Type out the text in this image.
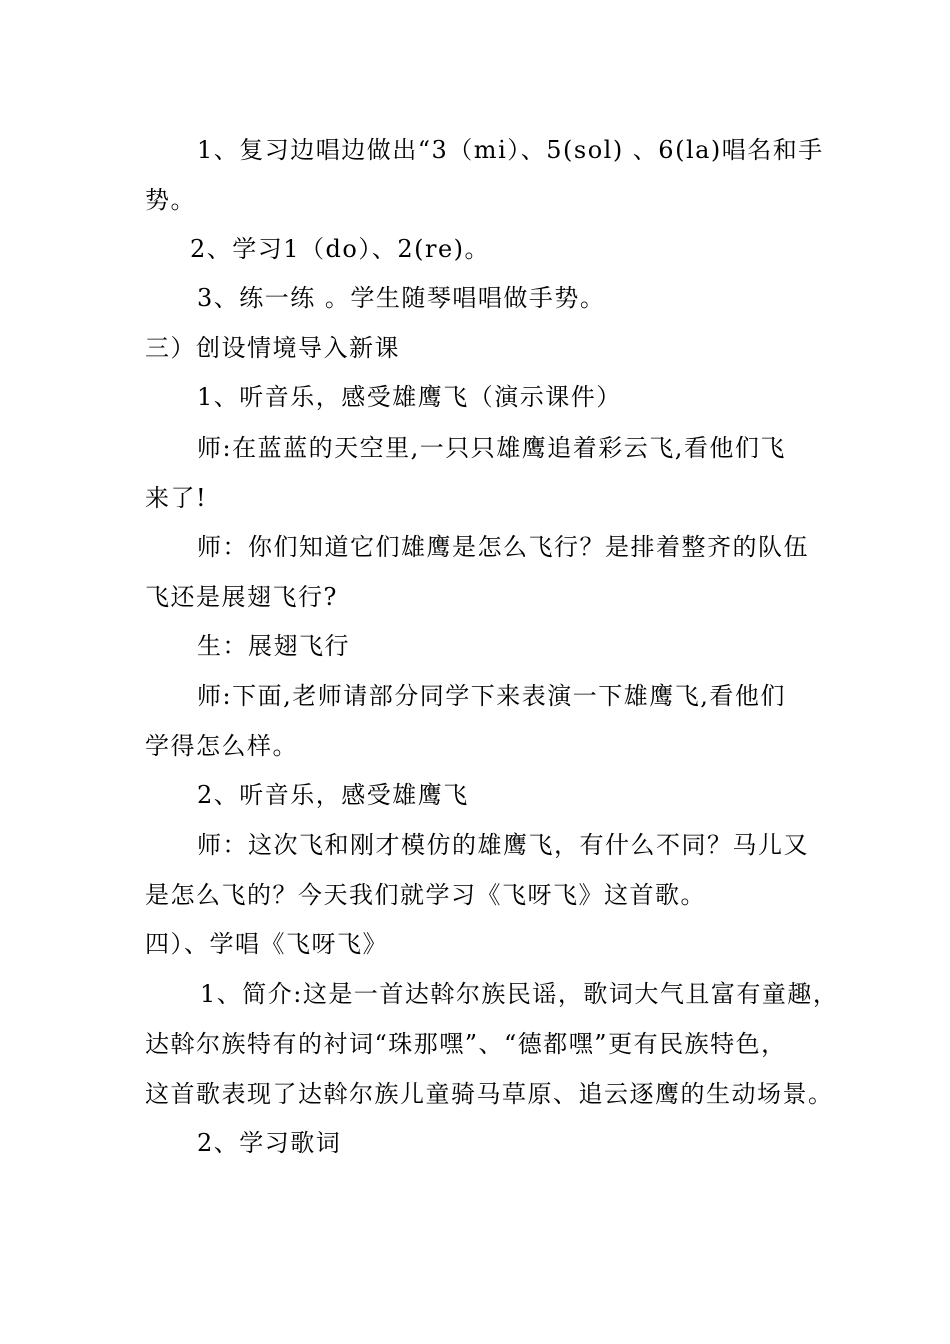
1、复习边唱边做出“3（mi）、5(sol) 、6(la)唱名和手
势。
2、学习1（do）、2(re)。
3、练一练 。学生随琴唱唱做手势。
三）创设情境导入新课
1、听音乐，感受雄鹰飞（演示课件）
师:在蓝蓝的天空里,一只只雄鹰追着彩云飞,看他们飞
来了!
师：你们知道它们雄鹰是怎么飞行？是排着整齐的队伍
飞还是展翅飞行?
生：展翅飞行
师:下面,老师请部分同学下来表演一下雄鹰飞,看他们
学得怎么样。
2、听音乐，感受雄鹰飞
师：这次飞和刚才模仿的雄鹰飞，有什么不同？马儿又
是怎么飞的？今天我们就学习《飞呀飞》这首歌。
四）、学唱《飞呀飞》
1、简介:这是一首达斡尔族民谣，歌词大气且富有童趣，
达斡尔族特有的衬词“珠那嘿”、“德都嘿”更有民族特色，
这首歌表现了达斡尔族儿童骑马草原、追云逐鹰的生动场景。
2、学习歌词
